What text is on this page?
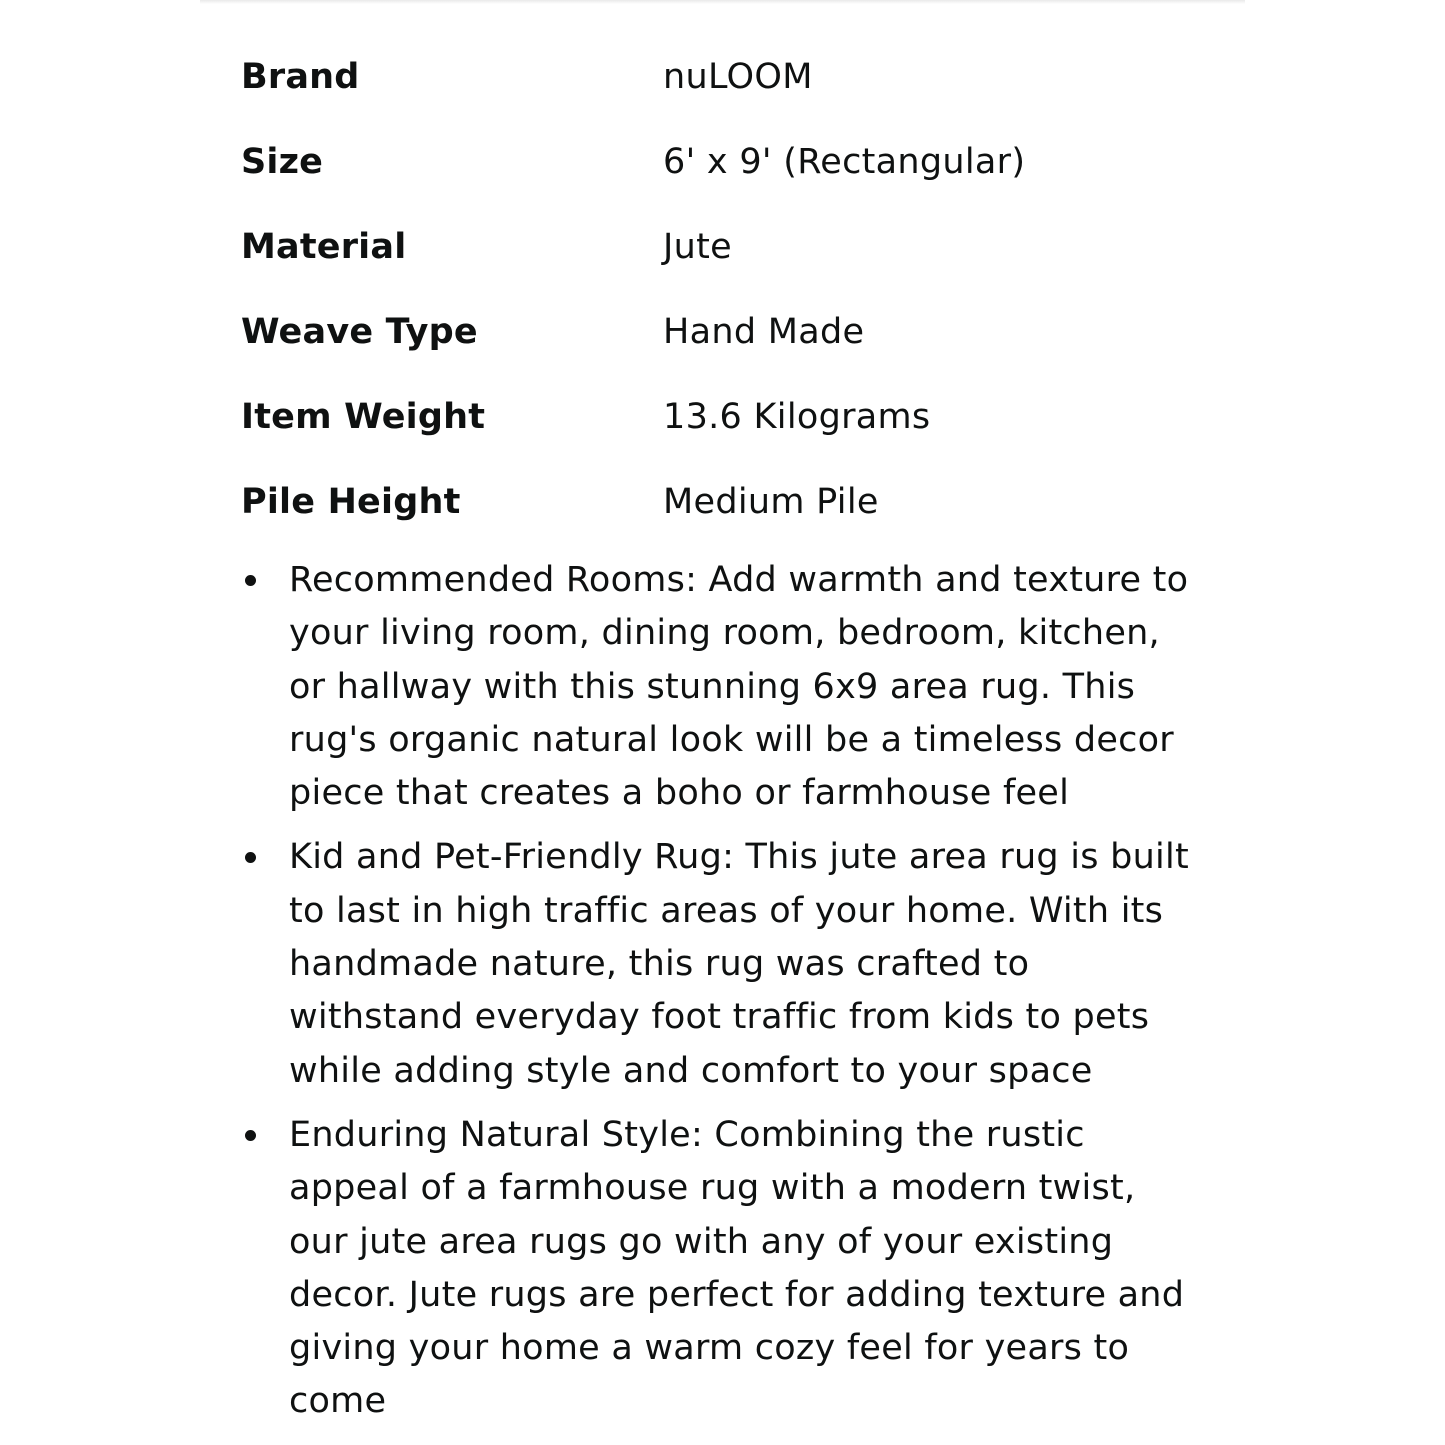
Brand	nuLOOM
Size	6' x 9' (Rectangular)
Material	Jute
Weave Type	Hand Made
Item Weight	13.6 Kilograms
Pile Height	Medium Pile
Recommended Rooms: Add warmth and texture to
your living room, dining room, bedroom, kitchen,
or hallway with this stunning 6x9 area rug. This
rug's organic natural look will be a timeless decor
piece that creates a boho or farmhouse feel
Kid and Pet-Friendly Rug: This jute area rug is built
to last in high traffic areas of your home. With its
handmade nature, this rug was crafted to
withstand everyday foot traffic from kids to pets
while adding style and comfort to your space
Enduring Natural Style: Combining the rustic
appeal of a farmhouse rug with a modern twist,
our jute area rugs go with any of your existing
decor. Jute rugs are perfect for adding texture and
giving your home a warm cozy feel for years to
come
